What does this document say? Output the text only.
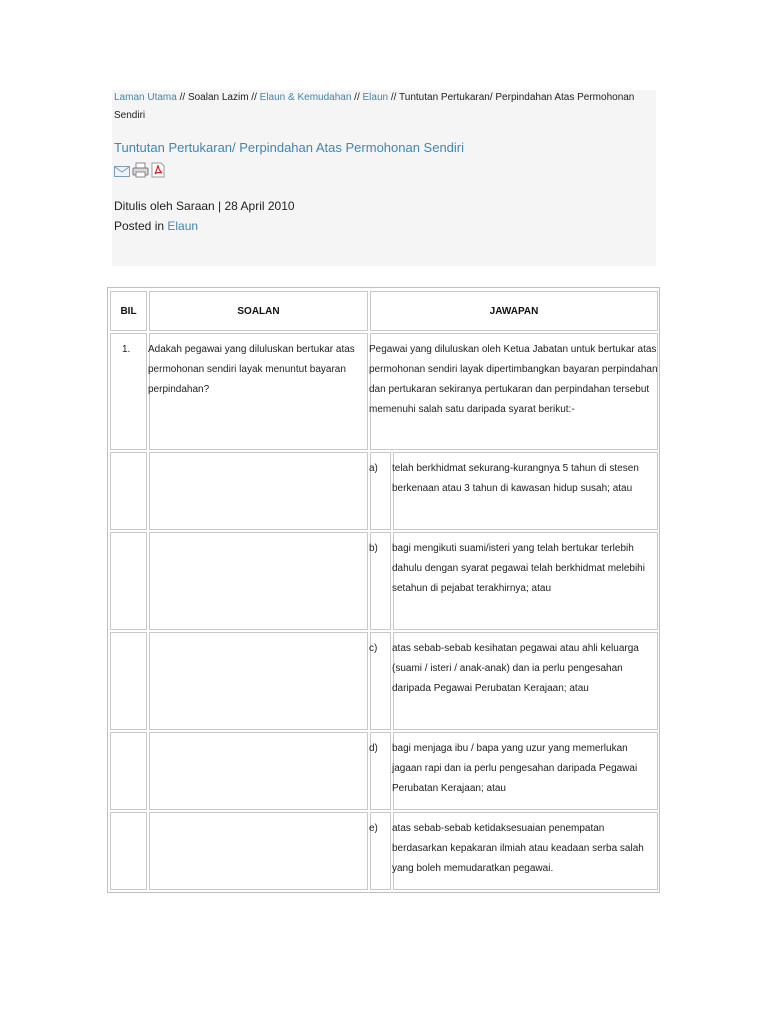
Laman Utama // Soalan Lazim // Elaun & Kemudahan // Elaun // Tuntutan Pertukaran/ Perpindahan Atas Permohonan Sendiri
Tuntutan Pertukaran/ Perpindahan Atas Permohonan Sendiri
Ditulis oleh Saraan | 28 April 2010
Posted in Elaun
BIL	SOALAN	JAWAPAN
1. Adakah pegawai yang diluluskan bertukar atas permohonan sendiri layak menuntut bayaran perpindahan?
Pegawai yang diluluskan oleh Ketua Jabatan untuk bertukar atas permohonan sendiri layak dipertimbangkan bayaran perpindahan dan pertukaran sekiranya pertukaran dan perpindahan tersebut memenuhi salah satu daripada syarat berikut:-
a) telah berkhidmat sekurang-kurangnya 5 tahun di stesen berkenaan atau 3 tahun di kawasan hidup susah; atau
b) bagi mengikuti suami/isteri yang telah bertukar terlebih dahulu dengan syarat pegawai telah berkhidmat melebihi setahun di pejabat terakhirnya; atau
c) atas sebab-sebab kesihatan pegawai atau ahli keluarga (suami / isteri / anak-anak) dan ia perlu pengesahan daripada Pegawai Perubatan Kerajaan; atau
d) bagi menjaga ibu / bapa yang uzur yang memerlukan jagaan rapi dan ia perlu pengesahan daripada Pegawai Perubatan Kerajaan; atau
e) atas sebab-sebab ketidaksesuaian penempatan berdasarkan kepakaran ilmiah atau keadaan serba salah yang boleh memudaratkan pegawai.
